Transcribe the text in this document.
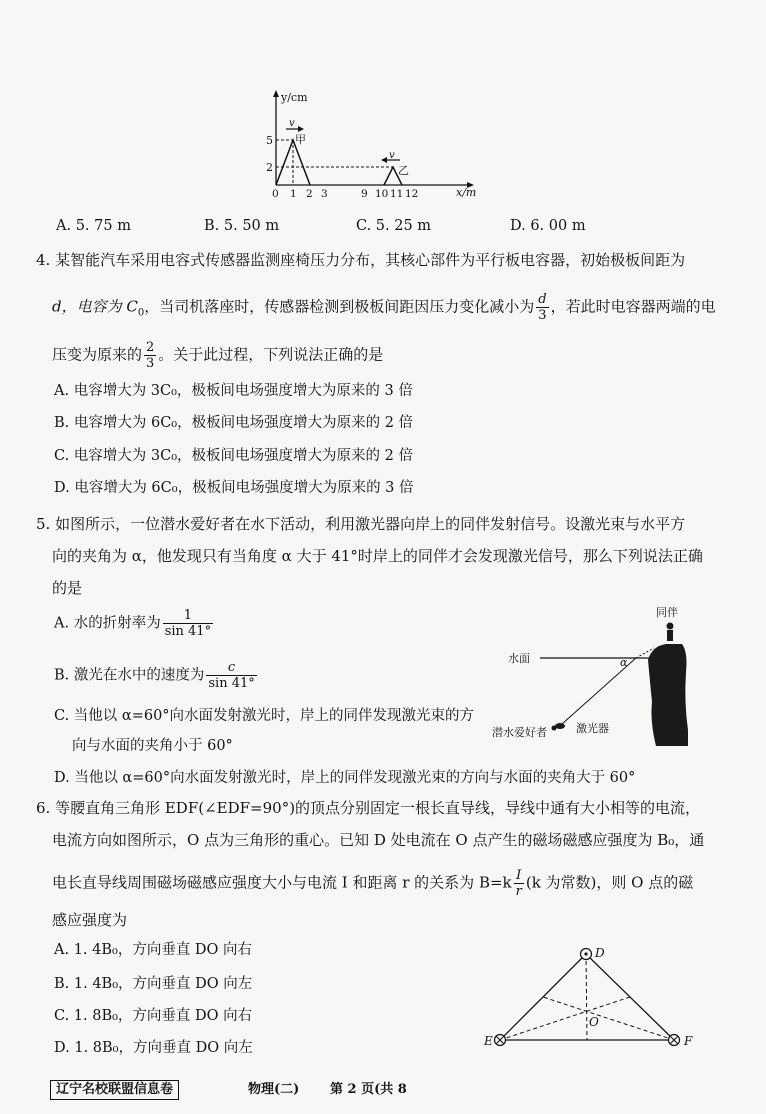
y/cm
x/m
5
2
0 1 2 3	9 10 11 12
甲
乙
v
v
A. 5. 75 m	B. 5. 50 m	C. 5. 25 m	D. 6. 00 m
4. 某智能汽车采用电容式传感器监测座椅压力分布，其核心部件为平行板电容器，初始极板间距为
d，电容为 $C_0$，当司机落座时，传感器检测到极板间距因压力变化减小为 $\frac{d}{3}$ ，若此时电容器两端的电
压变为原来的 $\frac{2}{3}$ 。关于此过程，下列说法正确的是
A. 电容增大为 3C₀，极板间电场强度增大为原来的 3 倍
B. 电容增大为 6C₀，极板间电场强度增大为原来的 2 倍
C. 电容增大为 3C₀，极板间电场强度增大为原来的 2 倍
D. 电容增大为 6C₀，极板间电场强度增大为原来的 3 倍
5. 如图所示，一位潜水爱好者在水下活动，利用激光器向岸上的同伴发射信号。设激光束与水平方
向的夹角为 α，他发现只有当角度 α 大于 41°时岸上的同伴才会发现激光信号，那么下列说法正确
的是
A. 水的折射率为 $\frac{1}{\sin 41^\circ}$
B. 激光在水中的速度为 $\frac{c}{\sin 41^\circ}$
C. 当他以 α=60°向水面发射激光时，岸上的同伴发现激光束的方
向与水面的夹角小于 60°
D. 当他以 α=60°向水面发射激光时，岸上的同伴发现激光束的方向与水面的夹角大于 60°
同伴
水面	α
潜水爱好者	激光器
6. 等腰直角三角形 EDF(∠EDF=90°)的顶点分别固定一根长直导线，导线中通有大小相等的电流，
电流方向如图所示，O 点为三角形的重心。已知 D 处电流在 O 点产生的磁场磁感应强度为 B₀，通
电长直导线周围磁场磁感应强度大小与电流 I 和距离 r 的关系为 $B=k \frac{I}{r} (k$ 为常数)，则 O 点的磁
感应强度为
A. 1. 4B₀，方向垂直 DO 向右
B. 1. 4B₀，方向垂直 DO 向左
C. 1. 8B₀，方向垂直 DO 向右
D. 1. 8B₀，方向垂直 DO 向左
D
E	F
O
辽宁名校联盟信息卷	物理(二) 第 2 页(共 8
